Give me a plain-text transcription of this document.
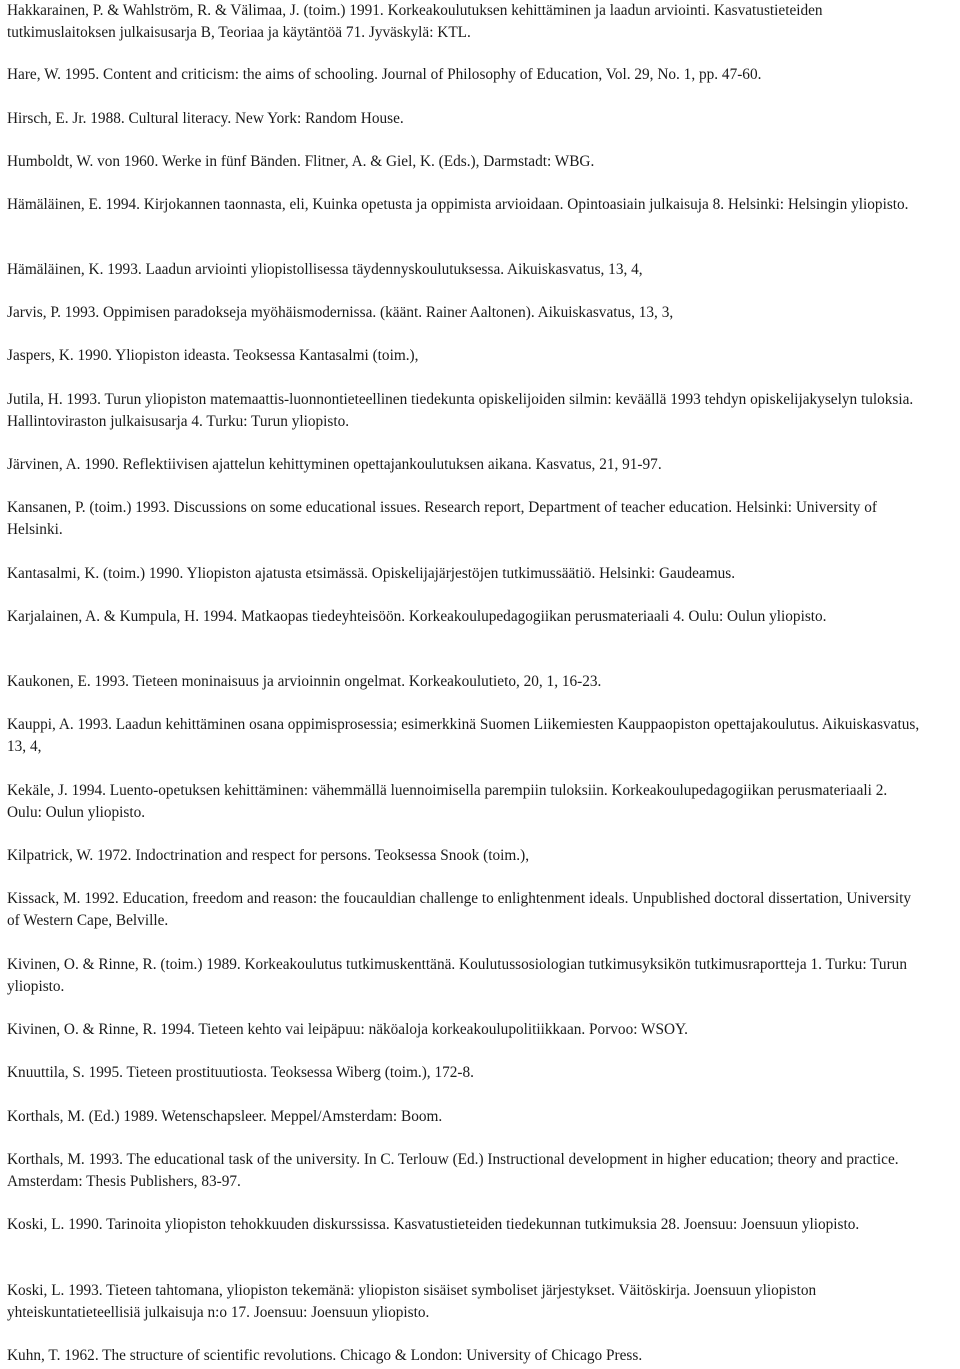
Hakkarainen, P. & Wahlström, R. & Välimaa, J. (toim.) 1991. Korkeakoulutuksen kehittäminen ja laadun arviointi. Kasvatustieteiden tutkimuslaitoksen julkaisusarja B, Teoriaa ja käytäntöä 71. Jyväskylä: KTL.
Hare, W. 1995. Content and criticism: the aims of schooling. Journal of Philosophy of Education, Vol. 29, No. 1, pp. 47-60.
Hirsch, E. Jr. 1988. Cultural literacy. New York: Random House.
Humboldt, W. von 1960. Werke in fünf Bänden. Flitner, A. & Giel, K. (Eds.), Darmstadt: WBG.
Hämäläinen, E. 1994. Kirjokannen taonnasta, eli, Kuinka opetusta ja oppimista arvioidaan. Opintoasiain julkaisuja 8. Helsinki: Helsingin yliopisto.
Hämäläinen, K. 1993. Laadun arviointi yliopistollisessa täydennyskoulutuksessa. Aikuiskasvatus, 13, 4,
Jarvis, P. 1993. Oppimisen paradokseja myöhäismodernissa. (käänt. Rainer Aaltonen). Aikuiskasvatus, 13, 3,
Jaspers, K. 1990. Yliopiston ideasta. Teoksessa Kantasalmi (toim.),
Jutila, H. 1993. Turun yliopiston matemaattis-luonnontieteellinen tiedekunta opiskelijoiden silmin: keväällä 1993 tehdyn opiskelijakyselyn tuloksia. Hallintoviraston julkaisusarja 4. Turku: Turun yliopisto.
Järvinen, A. 1990. Reflektiivisen ajattelun kehittyminen opettajankoulutuksen aikana. Kasvatus, 21, 91-97.
Kansanen, P. (toim.) 1993. Discussions on some educational issues. Research report, Department of teacher education. Helsinki: University of Helsinki.
Kantasalmi, K. (toim.) 1990. Yliopiston ajatusta etsimässä. Opiskelijajärjestöjen tutkimussäätiö. Helsinki: Gaudeamus.
Karjalainen, A. & Kumpula, H. 1994. Matkaopas tiedeyhteisöön. Korkeakoulupedagogiikan perusmateriaali 4. Oulu: Oulun yliopisto.
Kaukonen, E. 1993. Tieteen moninaisuus ja arvioinnin ongelmat. Korkeakoulutieto, 20, 1, 16-23.
Kauppi, A. 1993. Laadun kehittäminen osana oppimisprosessia; esimerkkinä Suomen Liikemiesten Kauppaopiston opettajakoulutus. Aikuiskasvatus, 13, 4,
Kekäle, J. 1994. Luento-opetuksen kehittäminen: vähemmällä luennoimisella parempiin tuloksiin. Korkeakoulupedagogiikan perusmateriaali 2. Oulu: Oulun yliopisto.
Kilpatrick, W. 1972. Indoctrination and respect for persons. Teoksessa Snook (toim.),
Kissack, M. 1992. Education, freedom and reason: the foucauldian challenge to enlightenment ideals. Unpublished doctoral dissertation, University of Western Cape, Belville.
Kivinen, O. & Rinne, R. (toim.) 1989. Korkeakoulutus tutkimuskenttänä. Koulutussosiologian tutkimusyksikön tutkimusraportteja 1. Turku: Turun yliopisto.
Kivinen, O. & Rinne, R. 1994. Tieteen kehto vai leipäpuu: näköaloja korkeakoulupolitiikkaan. Porvoo: WSOY.
Knuuttila, S. 1995. Tieteen prostituutiosta. Teoksessa Wiberg (toim.), 172-8.
Korthals, M. (Ed.) 1989. Wetenschapsleer. Meppel/Amsterdam: Boom.
Korthals, M. 1993. The educational task of the university. In C. Terlouw (Ed.) Instructional development in higher education; theory and practice. Amsterdam: Thesis Publishers, 83-97.
Koski, L. 1990. Tarinoita yliopiston tehokkuuden diskurssissa. Kasvatustieteiden tiedekunnan tutkimuksia 28. Joensuu: Joensuun yliopisto.
Koski, L. 1993. Tieteen tahtomana, yliopiston tekemänä: yliopiston sisäiset symboliset järjestykset. Väitöskirja. Joensuun yliopiston yhteiskuntatieteellisiä julkaisuja n:o 17. Joensuu: Joensuun yliopisto.
Kuhn, T. 1962. The structure of scientific revolutions. Chicago & London: University of Chicago Press.
